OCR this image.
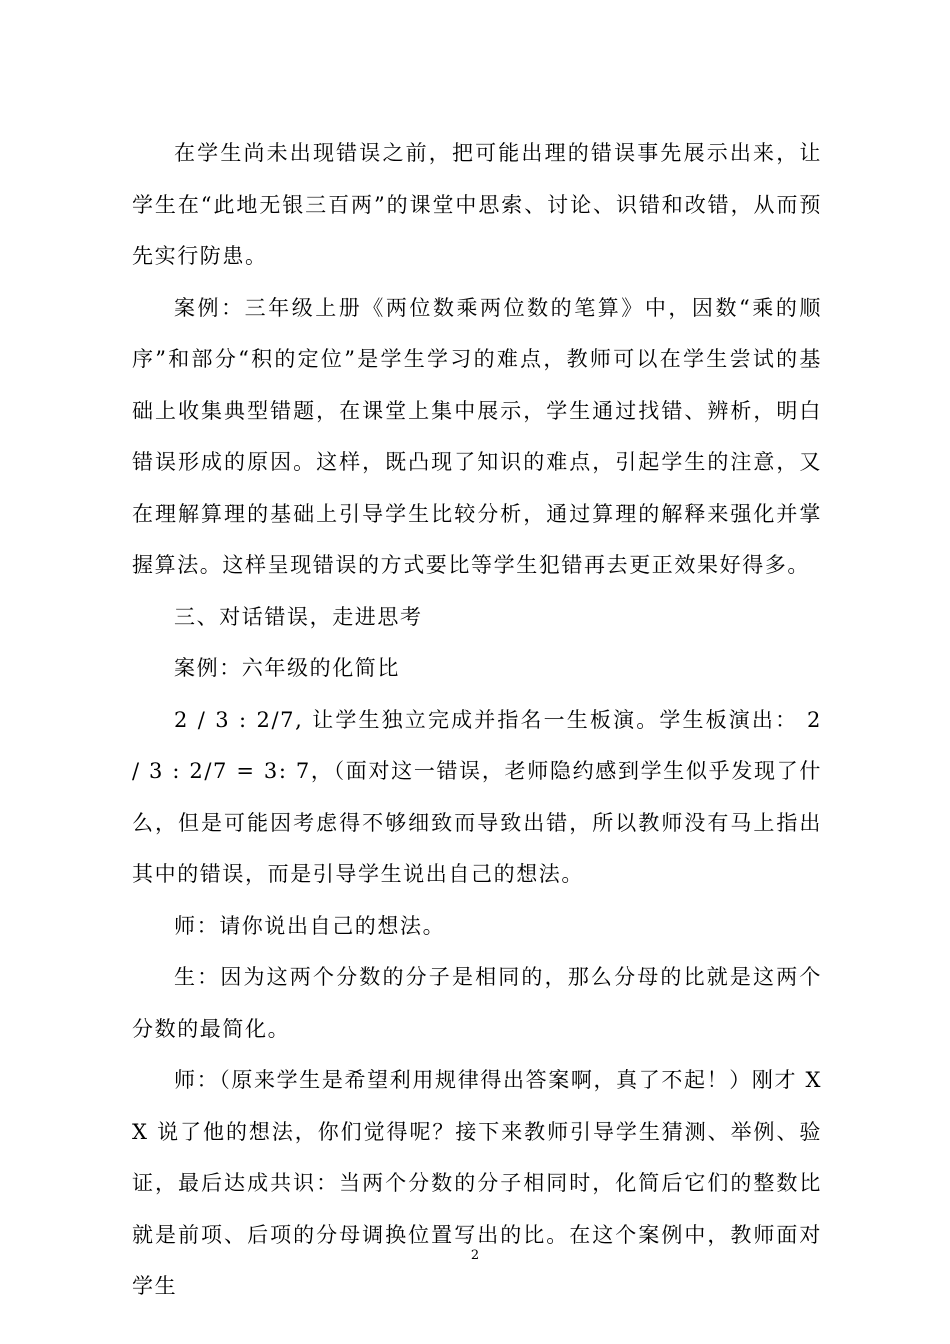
在学生尚未出现错误之前，把可能出理的错误事先展示出来，让学生在“此地无银三百两”的课堂中思索、讨论、识错和改错，从而预先实行防患。

案例：三年级上册《两位数乘两位数的笔算》中，因数“乘的顺序”和部分“积的定位”是学生学习的难点，教师可以在学生尝试的基础上收集典型错题，在课堂上集中展示，学生通过找错、辨析，明白错误形成的原因。这样，既凸现了知识的难点，引起学生的注意，又在理解算理的基础上引导学生比较分析，通过算理的解释来强化并掌握算法。这样呈现错误的方式要比等学生犯错再去更正效果好得多。

三、对话错误，走进思考

案例：六年级的化简比

2 / 3 : 2/7, 让学生独立完成并指名一生板演。学生板演出： 2 / 3 : 2/7 = 3: 7，（面对这一错误，老师隐约感到学生似乎发现了什么，但是可能因考虑得不够细致而导致出错，所以教师没有马上指出其中的错误，而是引导学生说出自己的想法。

师：请你说出自己的想法。

生：因为这两个分数的分子是相同的，那么分母的比就是这两个分数的最简化。

师：（原来学生是希望利用规律得出答案啊，真了不起！）刚才 XX 说了他的想法，你们觉得呢？接下来教师引导学生猜测、举例、验证，最后达成共识：当两个分数的分子相同时，化简后它们的整数比就是前项、后项的分母调换位置写出的比。在这个案例中，教师面对学生

2
